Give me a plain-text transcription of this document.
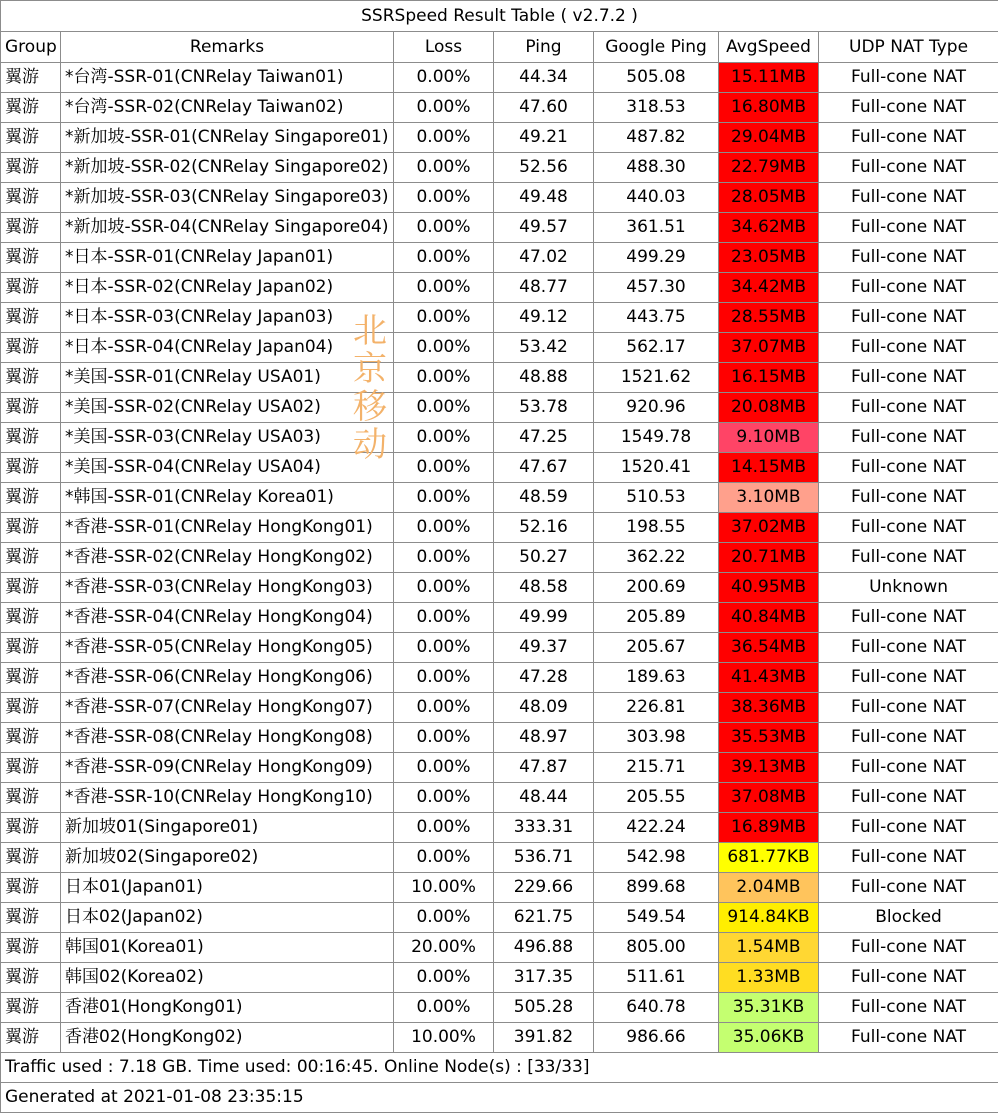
SSRSpeed Result Table ( v2.7.2 )						
Group	Remarks	Loss	Ping	Google Ping	AvgSpeed	UDP NAT Type
翼游	*台湾-SSR-01(CNRelay Taiwan01)	0.00%	44.34	505.08	15.11MB	Full-cone NAT
翼游	*台湾-SSR-02(CNRelay Taiwan02)	0.00%	47.60	318.53	16.80MB	Full-cone NAT
翼游	*新加坡-SSR-01(CNRelay Singapore01)	0.00%	49.21	487.82	29.04MB	Full-cone NAT
翼游	*新加坡-SSR-02(CNRelay Singapore02)	0.00%	52.56	488.30	22.79MB	Full-cone NAT
翼游	*新加坡-SSR-03(CNRelay Singapore03)	0.00%	49.48	440.03	28.05MB	Full-cone NAT
翼游	*新加坡-SSR-04(CNRelay Singapore04)	0.00%	49.57	361.51	34.62MB	Full-cone NAT
翼游	*日本-SSR-01(CNRelay Japan01)	0.00%	47.02	499.29	23.05MB	Full-cone NAT
翼游	*日本-SSR-02(CNRelay Japan02)	0.00%	48.77	457.30	34.42MB	Full-cone NAT
翼游	*日本-SSR-03(CNRelay Japan03)	0.00%	49.12	443.75	28.55MB	Full-cone NAT
翼游	*日本-SSR-04(CNRelay Japan04)	0.00%	53.42	562.17	37.07MB	Full-cone NAT
翼游	*美国-SSR-01(CNRelay USA01)	0.00%	48.88	1521.62	16.15MB	Full-cone NAT
翼游	*美国-SSR-02(CNRelay USA02)	0.00%	53.78	920.96	20.08MB	Full-cone NAT
翼游	*美国-SSR-03(CNRelay USA03)	0.00%	47.25	1549.78	9.10MB	Full-cone NAT
翼游	*美国-SSR-04(CNRelay USA04)	0.00%	47.67	1520.41	14.15MB	Full-cone NAT
翼游	*韩国-SSR-01(CNRelay Korea01)	0.00%	48.59	510.53	3.10MB	Full-cone NAT
翼游	*香港-SSR-01(CNRelay HongKong01)	0.00%	52.16	198.55	37.02MB	Full-cone NAT
翼游	*香港-SSR-02(CNRelay HongKong02)	0.00%	50.27	362.22	20.71MB	Full-cone NAT
翼游	*香港-SSR-03(CNRelay HongKong03)	0.00%	48.58	200.69	40.95MB	Unknown
翼游	*香港-SSR-04(CNRelay HongKong04)	0.00%	49.99	205.89	40.84MB	Full-cone NAT
翼游	*香港-SSR-05(CNRelay HongKong05)	0.00%	49.37	205.67	36.54MB	Full-cone NAT
翼游	*香港-SSR-06(CNRelay HongKong06)	0.00%	47.28	189.63	41.43MB	Full-cone NAT
翼游	*香港-SSR-07(CNRelay HongKong07)	0.00%	48.09	226.81	38.36MB	Full-cone NAT
翼游	*香港-SSR-08(CNRelay HongKong08)	0.00%	48.97	303.98	35.53MB	Full-cone NAT
翼游	*香港-SSR-09(CNRelay HongKong09)	0.00%	47.87	215.71	39.13MB	Full-cone NAT
翼游	*香港-SSR-10(CNRelay HongKong10)	0.00%	48.44	205.55	37.08MB	Full-cone NAT
翼游	新加坡01(Singapore01)	0.00%	333.31	422.24	16.89MB	Full-cone NAT
翼游	新加坡02(Singapore02)	0.00%	536.71	542.98	681.77KB	Full-cone NAT
翼游	日本01(Japan01)	10.00%	229.66	899.68	2.04MB	Full-cone NAT
翼游	日本02(Japan02)	0.00%	621.75	549.54	914.84KB	Blocked
翼游	韩国01(Korea01)	20.00%	496.88	805.00	1.54MB	Full-cone NAT
翼游	韩国02(Korea02)	0.00%	317.35	511.61	1.33MB	Full-cone NAT
翼游	香港01(HongKong01)	0.00%	505.28	640.78	35.31KB	Full-cone NAT
翼游	香港02(HongKong02)	10.00%	391.82	986.66	35.06KB	Full-cone NAT
Traffic used : 7.18 GB. Time used: 00:16:45. Online Node(s) : [33/33]						
Generated at 2021-01-08 23:35:15						
北
京
移
动
